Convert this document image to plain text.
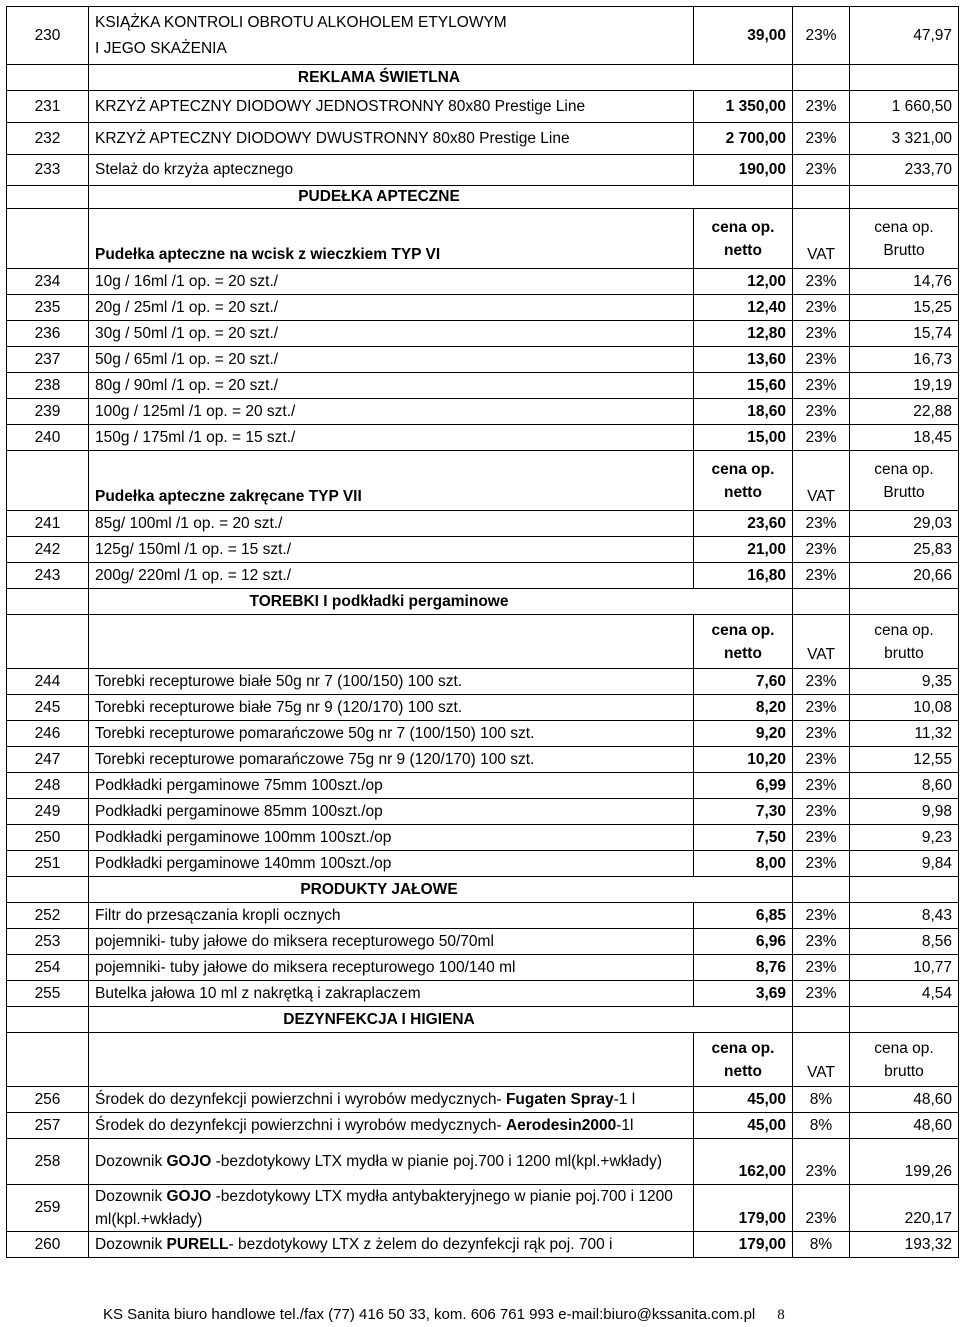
230	KSIĄŻKA KONTROLI OBROTU ALKOHOLEM ETYLOWYM
I JEGO SKAŻENIA	39,00	23%	47,97

	REKLAMA ŚWIETLNA			

231	KRZYŻ APTECZNY DIODOWY JEDNOSTRONNY 80x80 Prestige Line	1 350,00	23%	1 660,50
232	KRZYŻ APTECZNY DIODOWY DWUSTRONNY 80x80 Prestige Line	2 700,00	23%	3 321,00
233	Stelaż do krzyża aptecznego	190,00	23%	233,70

	PUDEŁKA APTECZNE			

	Pudełka apteczne na wcisk z wieczkiem TYP VI	cena op. netto	VAT	cena op. Brutto
234	10g / 16ml /1 op. = 20 szt./	12,00	23%	14,76
235	20g / 25ml /1 op. = 20 szt./	12,40	23%	15,25
236	30g / 50ml /1 op. = 20 szt./	12,80	23%	15,74
237	50g / 65ml /1 op. = 20 szt./	13,60	23%	16,73
238	80g / 90ml /1 op. = 20 szt./	15,60	23%	19,19
239	100g / 125ml /1 op. = 20 szt./	18,60	23%	22,88
240	150g / 175ml /1 op. = 15 szt./	15,00	23%	18,45
	Pudełka apteczne zakręcane TYP VII	cena op. netto	VAT	cena op. Brutto
241	85g/ 100ml /1 op. = 20 szt./	23,60	23%	29,03
242	125g/ 150ml /1 op. = 15 szt./	21,00	23%	25,83
243	200g/ 220ml /1 op. = 12 szt./	16,80	23%	20,66

	TOREBKI I podkładki pergaminowe			

		cena op. netto	VAT	cena op. brutto
244	Torebki recepturowe białe 50g nr 7 (100/150) 100 szt.	7,60	23%	9,35
245	Torebki recepturowe białe 75g nr 9 (120/170) 100 szt.	8,20	23%	10,08
246	Torebki recepturowe pomarańczowe 50g nr 7 (100/150) 100 szt.	9,20	23%	11,32
247	Torebki recepturowe pomarańczowe 75g nr 9 (120/170) 100 szt.	10,20	23%	12,55
248	Podkładki pergaminowe 75mm 100szt./op	6,99	23%	8,60
249	Podkładki pergaminowe 85mm 100szt./op	7,30	23%	9,98
250	Podkładki pergaminowe 100mm 100szt./op	7,50	23%	9,23
251	Podkładki pergaminowe 140mm 100szt./op	8,00	23%	9,84

	PRODUKTY JAŁOWE			

252	Filtr do przesączania kropli ocznych	6,85	23%	8,43
253	pojemniki- tuby jałowe do miksera recepturowego 50/70ml	6,96	23%	8,56
254	pojemniki- tuby jałowe do miksera recepturowego 100/140 ml	8,76	23%	10,77
255	Butelka jałowa 10 ml z nakrętką i zakraplaczem	3,69	23%	4,54

	DEZYNFEKCJA I HIGIENA			

		cena op. netto	VAT	cena op. brutto
256	Środek do dezynfekcji powierzchni i wyrobów medycznych- Fugaten Spray-1 l	45,00	8%	48,60
257	Środek do dezynfekcji powierzchni i wyrobów medycznych- Aerodesin2000-1l	45,00	8%	48,60
258	Dozownik GOJO -bezdotykowy LTX mydła w pianie poj.700 i 1200 ml(kpl.+wkłady)	162,00	23%	199,26
259	Dozownik GOJO -bezdotykowy LTX mydła antybakteryjnego w pianie poj.700 i 1200 ml(kpl.+wkłady)	179,00	23%	220,17
260	Dozownik PURELL- bezdotykowy LTX z żelem do dezynfekcji rąk poj. 700 i	179,00	8%	193,32
KS Sanita biuro handlowe tel./fax (77) 416 50 33, kom. 606 761 993 e-mail:biuro@kssanita.com.pl 8
